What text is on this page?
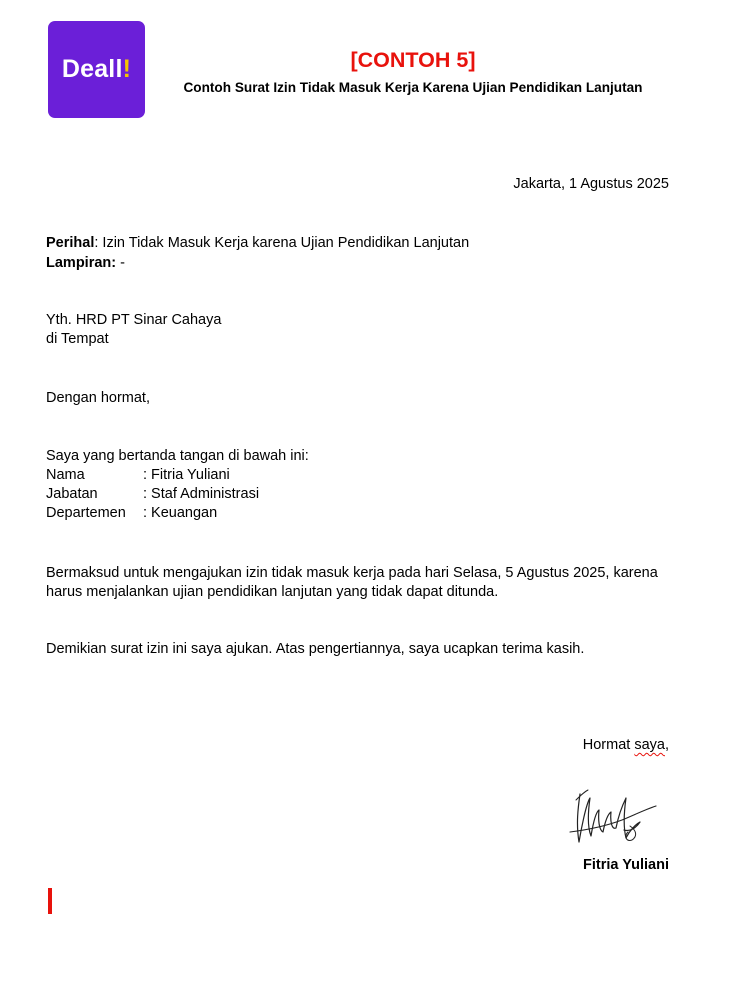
Deall!	[CONTOH 5]
Contoh Surat Izin Tidak Masuk Kerja Karena Ujian Pendidikan Lanjutan
Jakarta, 1 Agustus 2025
Perihal: Izin Tidak Masuk Kerja karena Ujian Pendidikan Lanjutan
Lampiran: -
Yth. HRD PT Sinar Cahaya
di Tempat
Dengan hormat,
Saya yang bertanda tangan di bawah ini:
Nama	: Fitria Yuliani
Jabatan	: Staf Administrasi
Departemen : Keuangan
Bermaksud untuk mengajukan izin tidak masuk kerja pada hari Selasa, 5 Agustus 2025, karena
harus menjalankan ujian pendidikan lanjutan yang tidak dapat ditunda.
Demikian surat izin ini saya ajukan. Atas pengertiannya, saya ucapkan terima kasih.
Hormat saya,
Fitria Yuliani
